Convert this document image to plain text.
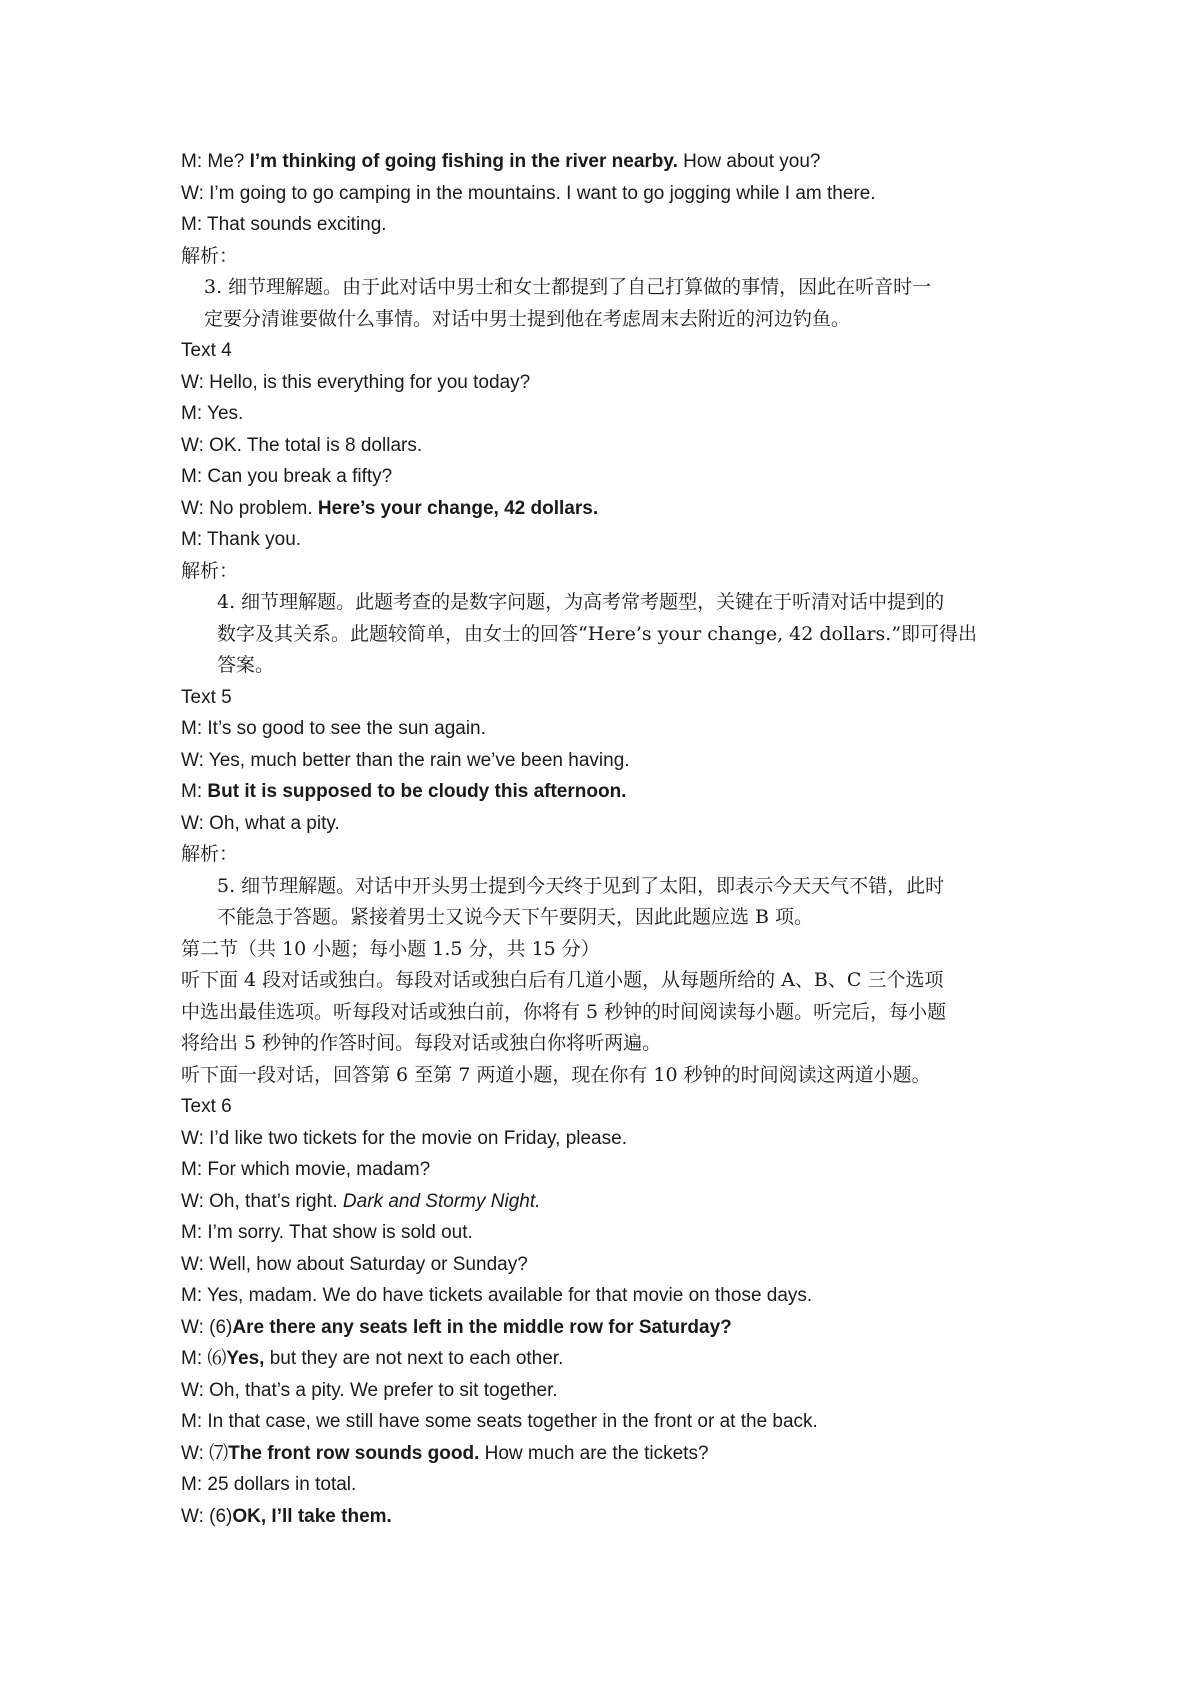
M: Me? I’m thinking of going fishing in the river nearby. How about you?
W: I’m going to go camping in the mountains. I want to go jogging while I am there.
M: That sounds exciting.
解析：
3. 细节理解题。由于此对话中男士和女士都提到了自己打算做的事情，因此在听音时一
定要分清谁要做什么事情。对话中男士提到他在考虑周末去附近的河边钓鱼。
Text 4
W: Hello, is this everything for you today?
M: Yes.
W: OK. The total is 8 dollars.
M: Can you break a fifty?
W: No problem. Here’s your change, 42 dollars.
M: Thank you.
解析：
4. 细节理解题。此题考查的是数字问题，为高考常考题型，关键在于听清对话中提到的
数字及其关系。此题较简单，由女士的回答“Here’s your change, 42 dollars.”即可得出
答案。
Text 5
M: It’s so good to see the sun again.
W: Yes, much better than the rain we’ve been having.
M: But it is supposed to be cloudy this afternoon.
W: Oh, what a pity.
解析：
5. 细节理解题。对话中开头男士提到今天终于见到了太阳，即表示今天天气不错，此时
不能急于答题。紧接着男士又说今天下午要阴天，因此此题应选 B 项。
第二节（共 10 小题；每小题 1.5 分，共 15 分）
听下面 4 段对话或独白。每段对话或独白后有几道小题，从每题所给的 A、B、C 三个选项
中选出最佳选项。听每段对话或独白前，你将有 5 秒钟的时间阅读每小题。听完后，每小题
将给出 5 秒钟的作答时间。每段对话或独白你将听两遍。
听下面一段对话，回答第 6 至第 7 两道小题，现在你有 10 秒钟的时间阅读这两道小题。
Text 6
W: I’d like two tickets for the movie on Friday, please.
M: For which movie, madam?
W: Oh, that’s right. Dark and Stormy Night.
M: I’m sorry. That show is sold out.
W: Well, how about Saturday or Sunday?
M: Yes, madam. We do have tickets available for that movie on those days.
W: (6)Are there any seats left in the middle row for Saturday?
M: ⑹Yes, but they are not next to each other.
W: Oh, that’s a pity. We prefer to sit together.
M: In that case, we still have some seats together in the front or at the back.
W: ⑺The front row sounds good. How much are the tickets?
M: 25 dollars in total.
W: (6)OK, I’ll take them.
